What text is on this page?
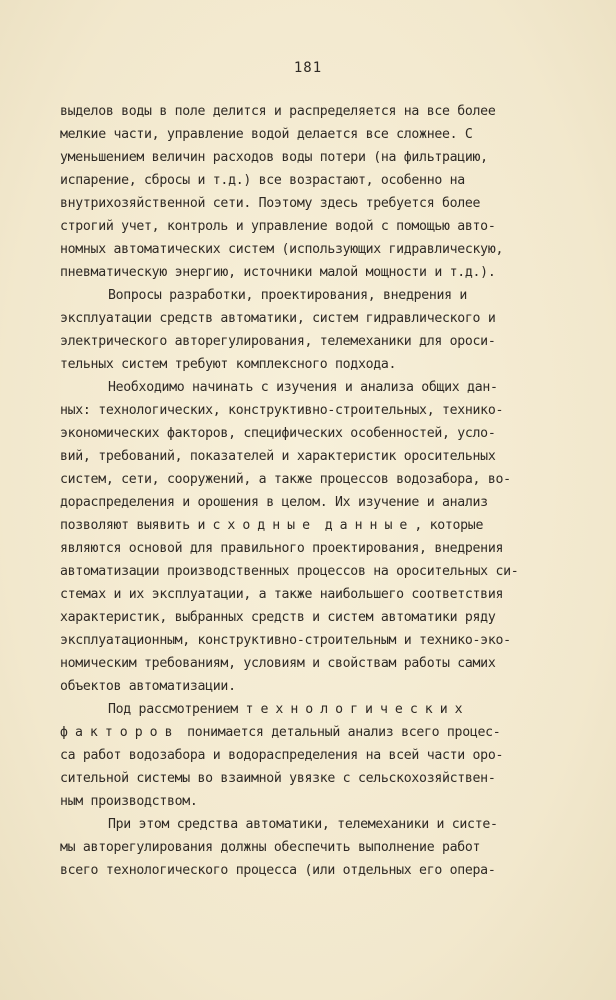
181
выделов воды в поле делится и распределяется на все более
мелкие части, управление водой делается все сложнее. С
уменьшением величин расходов воды потери (на фильтрацию,
испарение, сбросы и т.д.) все возрастают, особенно на
внутрихозяйственной сети. Поэтому здесь требуется более
строгий учет, контроль и управление водой с помощью авто-
номных автоматических систем (использующих гидравлическую,
пневматическую энергию, источники малой мощности и т.д.).
Вопросы разработки, проектирования, внедрения и
эксплуатации средств автоматики, систем гидравлического и
электрического авторегулирования, телемеханики для ороси-
тельных систем требуют комплексного подхода.
Необходимо начинать с изучения и анализа общих дан-
ных: технологических, конструктивно-строительных, технико-
экономических факторов, специфических особенностей, усло-
вий, требований, показателей и характеристик оросительных
систем, сети, сооружений, а также процессов водозабора, во-
дораспределения и орошения в целом. Их изучение и анализ
позволяют выявить исходные данные, которые
являются основой для правильного проектирования, внедрения
автоматизации производственных процессов на оросительных си-
стемах и их эксплуатации, а также наибольшего соответствия
характеристик, выбранных средств и систем автоматики ряду
эксплуатационным, конструктивно-строительным и технико-эко-
номическим требованиям, условиям и свойствам работы самих
объектов автоматизации.
Под рассмотрением технологических
факторов понимается детальный анализ всего процес-
са работ водозабора и водораспределения на всей части оро-
сительной системы во взаимной увязке с сельскохозяйствен-
ным производством.
При этом средства автоматики, телемеханики и систе-
мы авторегулирования должны обеспечить выполнение работ
всего технологического процесса (или отдельных его опера-
